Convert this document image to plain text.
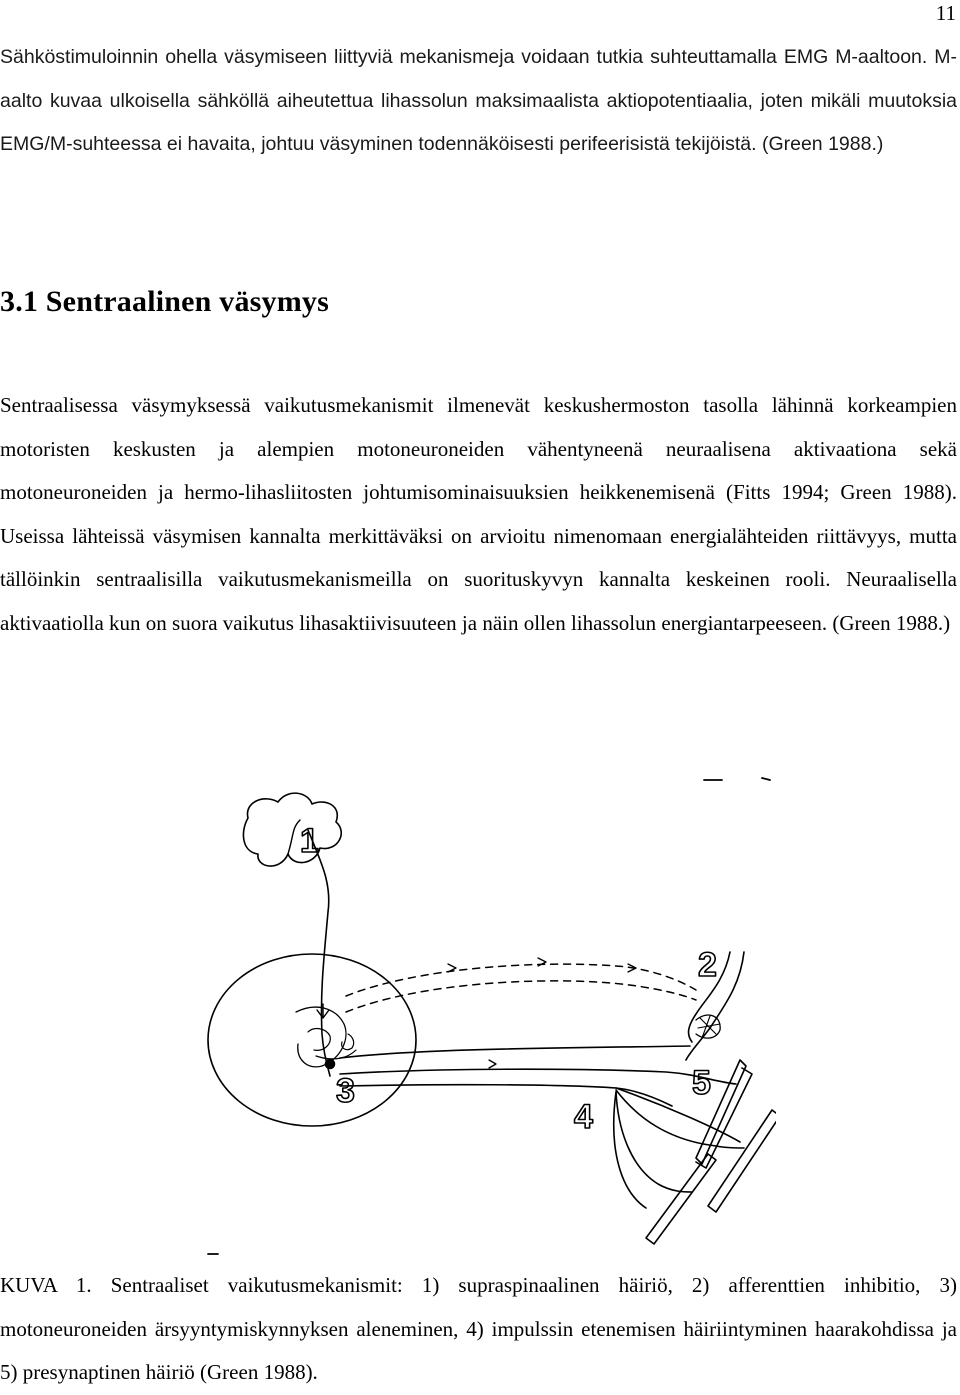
11

Sähköstimuloinnin ohella väsymiseen liittyviä mekanismeja voidaan tutkia suhteuttamalla EMG M-aaltoon. M-aalto kuvaa ulkoisella sähköllä aiheutettua lihassolun maksimaalista aktiopotentiaalia, joten mikäli muutoksia EMG/M-suhteessa ei havaita, johtuu väsyminen todennäköisesti perifeerisistä tekijöistä. (Green 1988.)

3.1 Sentraalinen väsymys

Sentraalisessa väsymyksessä vaikutusmekanismit ilmenevät keskushermoston tasolla lähinnä korkeampien motoristen keskusten ja alempien motoneuroneiden vähentyneenä neuraalisena aktivaationa sekä motoneuroneiden ja hermo-lihasliitosten johtumisominaisuuksien heikkenemisenä (Fitts 1994; Green 1988). Useissa lähteissä väsymisen kannalta merkittäväksi on arvioitu nimenomaan energialähteiden riittävyys, mutta tällöinkin sentraalisilla vaikutusmekanismeilla on suorituskyvyn kannalta keskeinen rooli. Neuraalisella aktivaatiolla kun on suora vaikutus lihasaktiivisuuteen ja näin ollen lihassolun energiantarpeeseen. (Green 1988.)

1
3
2
4
5

KUVA 1. Sentraaliset vaikutusmekanismit: 1) supraspinaalinen häiriö, 2) afferenttien inhibitio, 3) motoneuroneiden ärsyyntymiskynnyksen aleneminen, 4) impulssin etenemisen häiriintyminen haarakohdissa ja 5) presynaptinen häiriö (Green 1988).
